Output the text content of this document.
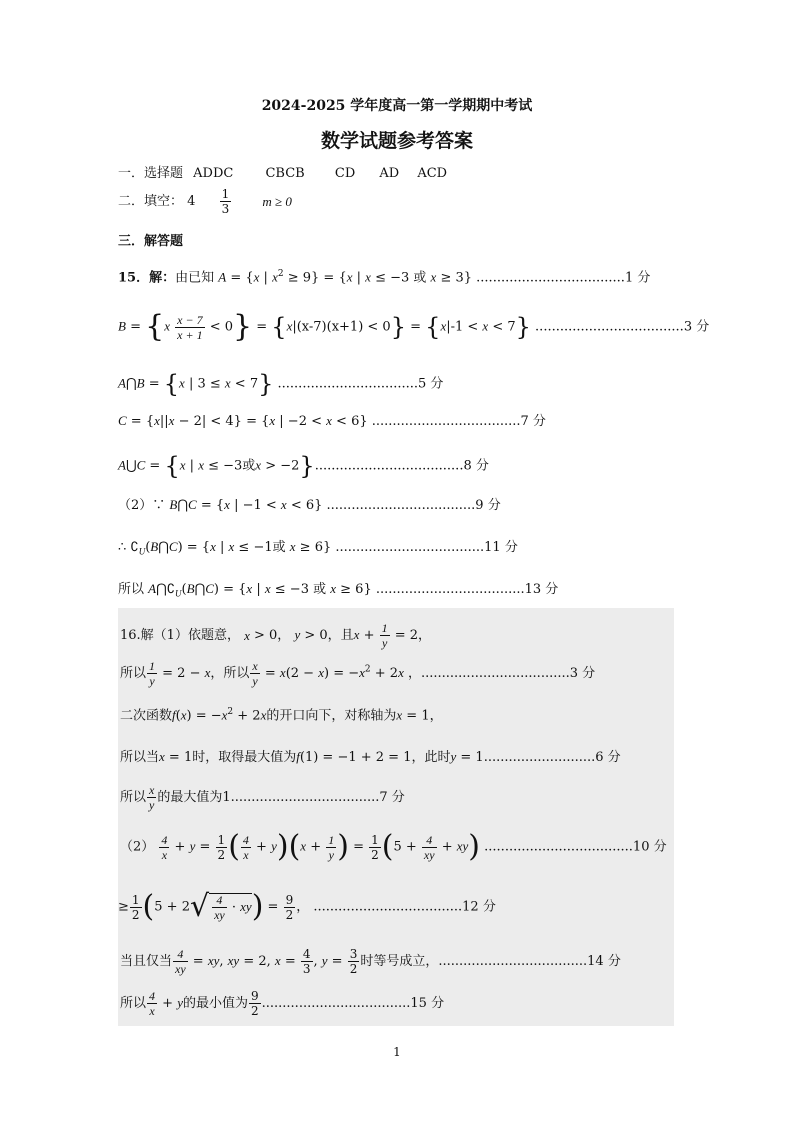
2024-2025 学年度高一第一学期期中考试
数学试题参考答案
一．选择题 ADDC CBCB CD AD ACD
二．填空： $4 \frac{1}{3}$ m ≥ 0
三．解答题
15．解：由已知 A = {x | $x^2 \ge 9\} = \{x$ | x ≤ −3 或 x ≥ 3} ....................................1 分
$B = \{x \frac{x - 7}{x + 1} < 0\} = \{x|(x-7)(x+1) < 0\} = \{x|-1 < x < 7\}$ ....................................3 分
A⋂B = {x | 3 ≤ x < 7} ..................................5 分
C = {x||x − 2| < 4} = {x | −2 < x < 6} ....................................7 分
A⋃C = {x | x ≤ −3或x > −2}....................................8 分
（2）∵ B⋂C = {x | −1 < x < 6} ....................................9 分
∴ $∁_U(B⋂C) = \{x$ | x ≤ −1或 x ≥ 6} ....................................11 分
所以 $A⋂∁_U(B⋂C) = \{x$ | x ≤ −3 或 x ≥ 6} ....................................13 分
16.解（1）依题意， x > 0， y > 0，且$x + \frac{1}{y} = 2$，
所以 $\frac{1}{y} = 2 - x$，所以 $\frac{x}{y} = x(2 - x) = -x^2 + 2x$ ，....................................3 分
二次函数$f(x) = -x^2 + 2x$的开口向下，对称轴为x = 1，
所以当x = 1时，取得最大值为f(1) = −1 + 2 = 1，此时y = 1...........................6 分
所以 $\frac{x}{y}$ 的最大值为1....................................7 分
$(2) \frac{4}{x} + y = \frac{1}{2}$ ( $\frac{4}{x} + y)(x + \frac{1}{y}$ ) = $\frac{1}{2} (5 + \frac{4}{xy} + xy)$ ....................................10 分
≥ $\frac{1}{2} (5 + 2√ \frac{4}{xy} \cdot xy) = \frac{9}{2}$ ， ....................................12 分
当且仅当 $\frac{4}{xy}$ = xy, xy = 2, $x = \frac{4}{3}$ , $y = \frac{3}{2}$ 时等号成立，....................................14 分
所以 $\frac{4}{x} + y$的最小值为 $\frac{9}{2} ....................................15$ 分
1
